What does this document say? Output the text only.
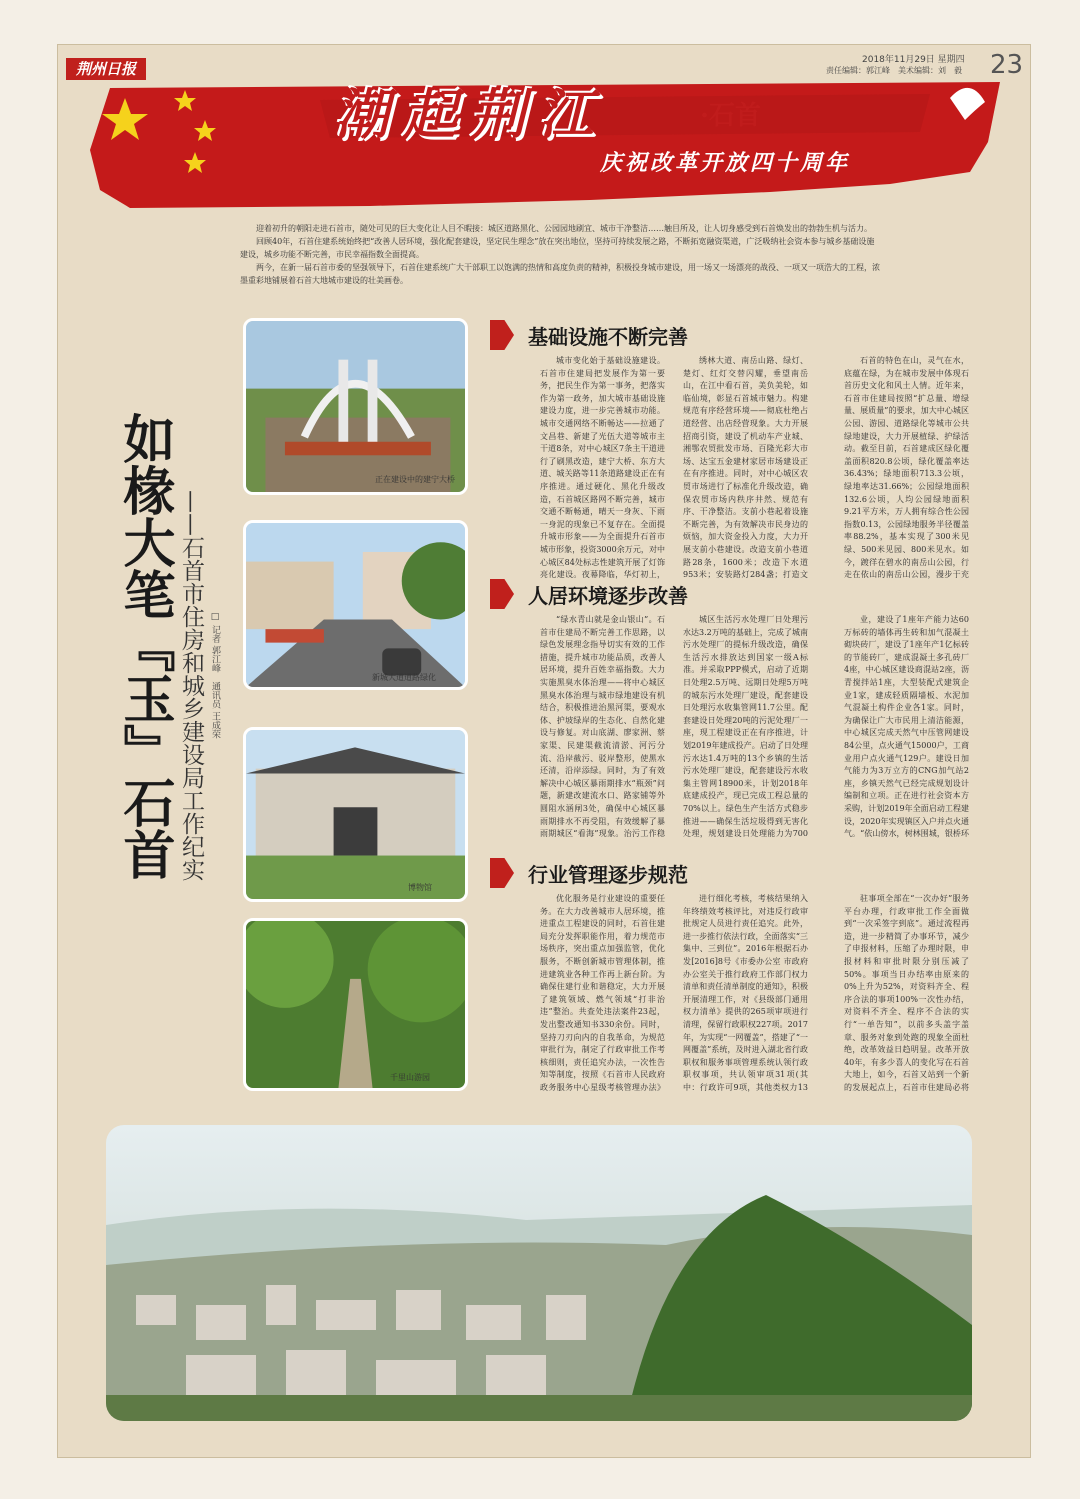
荆州日报	2018年11月29日 星期四
责任编辑：郭江峰　美术编辑：刘　毅 23
潮起荆江	·石首
庆祝改革开放四十周年

迎着初升的朝阳走进石首市，随处可见的巨大变化让人目不暇接：城区道路黑化、公园园地刷宜、城市干净整洁……触目所及，让人切身感受到石首焕发出的勃勃生机与活力。

回顾40年，石首住建系统始终把“改善人居环境，强化配套建设，坚定民生理念”放在突出地位，坚持可持续发展之路，不断拓宽融资渠道，广泛吸纳社会资本参与城乡基础设施建设，城乡功能不断完善，市民幸福指数全面提高。

两今，在新一届石首市委的坚强领导下，石首住建系统广大干部职工以饱满的热情和高度负责的精神，积极投身城市建设，用一场又一场漂亮的战役、一项又一项浩大的工程，浓墨重彩地铺展着石首大地城市建设的壮美画卷。

如椽大笔『玉』石首 ——石首市住房和城乡建设局工作纪实 □ 记者 郭江峰　通讯员 王成荣
正在建设中的建宁大桥
新城大道道路绿化
博物馆
千里山游园
基础设施不断完善

城市变化始于基础设施建设。石首市住建局把发展作为第一要务，把民生作为第一事务，把落实作为第一政务，加大城市基础设施建设力度，进一步完善城市功能。城市交通网络不断畅达——拉通了文昌巷、新建了光伍大道等城市主干道8条，对中心城区7条主干道进行了刷黑改造，建宁大桥、东方大道、城关路等11条道路建设正在有序推进。通过硬化、黑化升级改造，石首城区路网不断完善，城市交通不断畅通，晴天一身灰、下雨一身泥的现象已不复存在。全面提升城市形象——为全面提升石首市城市形象，投资3000余万元，对中心城区84处标志性建筑开展了灯饰亮化建设。夜幕降临，华灯初上，

绣林大道、南岳山路、绿灯、楚灯、红灯交替闪耀，垂望南岳山，在江中看石首，美负美轮，如临仙境，彰显石首城市魅力。构建规范有序经营环境——彻底杜绝占道经营、出店经营现象。大力开展招商引资，建设了机动车产业城、湘鄂农贸批发市场、百隆光彩大市场、达宝五金建材家居市场建设正在有序推进。同时，对中心城区农贸市场进行了标准化升级改造，确保农贸市场内秩序井然、规范有序、干净整洁。支前小巷起着设施不断完善，为有效解决市民身边的烦恼，加大资金投入力度，大力开展支前小巷建设。改造支前小巷道路28条，1600米；改造下水道953米；安装路灯284盏；打造文

石首的特色在山，灵气在水，底蕴在绿，为在城市发展中体现石首历史文化和风土人情。近年来，石首市住建局按照“扩总量、增绿量、展质量”的要求，加大中心城区公园、游园、道路绿化等城市公共绿地建设，大力开展植绿、护绿活动。截至目前，石首建成区绿化覆盖面积820.8公顷，绿化覆盖率达36.43%；绿地面积713.3公顷，绿地率达31.66%；公园绿地面积132.6公顷，人均公园绿地面积9.21平方米，万人拥有综合性公园指数0.13，公园绿地服务半径覆盖率88.2%，基本实现了300米见绿、500米见园、800米见水。如今，踱徉在碧水的南岳山公园，行走在依山的南岳山公园，漫步于充

人居环境逐步改善

“绿水青山就是金山银山”。石首市住建局不断完善工作思路，以绿色发展理念指导切实有效的工作措施，提升城市功能品质，改善人居环境，提升百姓幸福指数。大力实施黑臭水体治理——将中心城区黑臭水体治理与城市绿地建设有机结合，积极推进治黑河渠，要观水体、护坡绿岸的生态化、自然化建设与修复。对山底湖、廖家洲、蔡家渠、民建渠截流清淤、河污分流、沿岸截污、驳岸整形，使黑水还清，沿岸添绿。同时，为了有效解决中心城区暴雨期排水“瓶颈”问题，新建改建流水口、路家铺等外圆阻水涵闸3处，确保中心城区暴雨期排水不再受阻，有效缓解了暴雨期城区“看海”现象。治污工作稳

城区生活污水处理厂日处理污水达3.2万吨的基础上，完成了城南污水处理厂的提标升级改造，确保生活污水排放达到国家一级A标准。并采取PPP模式，启动了近期日处理2.5万吨、远期日处理5万吨的城东污水处理厂建设，配套建设日处理污水收集管网11.7公里。配套建设日处理20吨的污泥处理厂一座，现工程建设正在有序推进，计划2019年建成投产。启动了日处理污水达1.4万吨的13个乡镇的生活污水处理厂建设，配套建设污水收集主管网18900米，计划2018年底建成投产，现已完成工程总量的70%以上。绿色生产生活方式稳步推进——确保生活垃圾得到无害化处理，规划建设日处理能力为700

业，建设了1座年产能力达60万标砖的墙体再生砖和加气混凝土砌块砖厂，建设了1座年产1亿标砖的节能砖厂，建成混凝土多孔砖厂4座，中心城区建设商混站2座，沥青搅拌站1座，大型装配式建筑企业1家，建成轻质隔墙板、水泥加气混凝土构件企业各1家。同时，为确保让广大市民用上清洁能源，中心城区完成天然气中压管网建设84公里，点火通气15000户，工商业用户点火通气129户。建设日加气能力为3万立方的CNG加气站2座，乡镇天然气已经完成规划设计编制和立项。正在进行社会资本方采购，计划2019年全面启动工程建设，2020年实现镇区入户并点火通气。“依山傍水，树林围城，银桥环

行业管理逐步规范

优化服务是行业建设的重要任务。在大力改善城市人居环境，推进重点工程建设的同时，石首住建局充分发挥职能作用，着力规范市场秩序，突出重点加强监管，优化服务，不断创新城市管理体制，推进建筑业各种工作再上新台阶。为确保住建行业和谐稳定，大力开展了建筑领域、燃气领域“打非治违”整治。共查处违法案件23起，发出整改通知书330余份。同时，坚持刀刃向内的自我革命，为规范审批行为，制定了行政审批工作考核细则，责任追究办法，一次性告知等制度，按照《石首市人民政府政务服务中心星级考核管理办法》

进行细化考核，考核结果纳入年终绩效考核评比，对违反行政审批规定人员进行责任追究。此外，进一步推行依法行政，全面落实“三集中、三到位”。2016年根据石办发[2016]8号《市委办公室 市政府办公室关于推行政府工作部门权力清单和责任清单制度的通知》，积极开展清理工作，对《县级部门通用权力清单》提供的265项审项进行清理，保留行政职权227项。2017年，为实现“一网覆盖”，搭建了“一网覆盖”系统，及时进入湖北省行政职权和服务事项管理系统认领行政职权事项，共认领审项31项(其中：行政许可9项，其他类权力13

驻事项全部在“一次办好”服务平台办理，行政审批工作全面做到“一次采签字到底”。通过流程再造，进一步精简了办事环节，减少了申报材料，压缩了办理时限，申报材料和审批时限分别压减了50%。事项当日办结率由原来的0%上升为52%，对资料齐全、程序合法的事项100%一次性办结，对资料不齐全、程序不合法的实行“一单告知”，以前多头盖字盖章、服务对象到处跑的现象全面杜绝，改革效益日趋明显。改革开放40年，有多少喜人的变化写在石首大地上，如今，石首又站到一个新的发展起点上，石首市住建局必将
